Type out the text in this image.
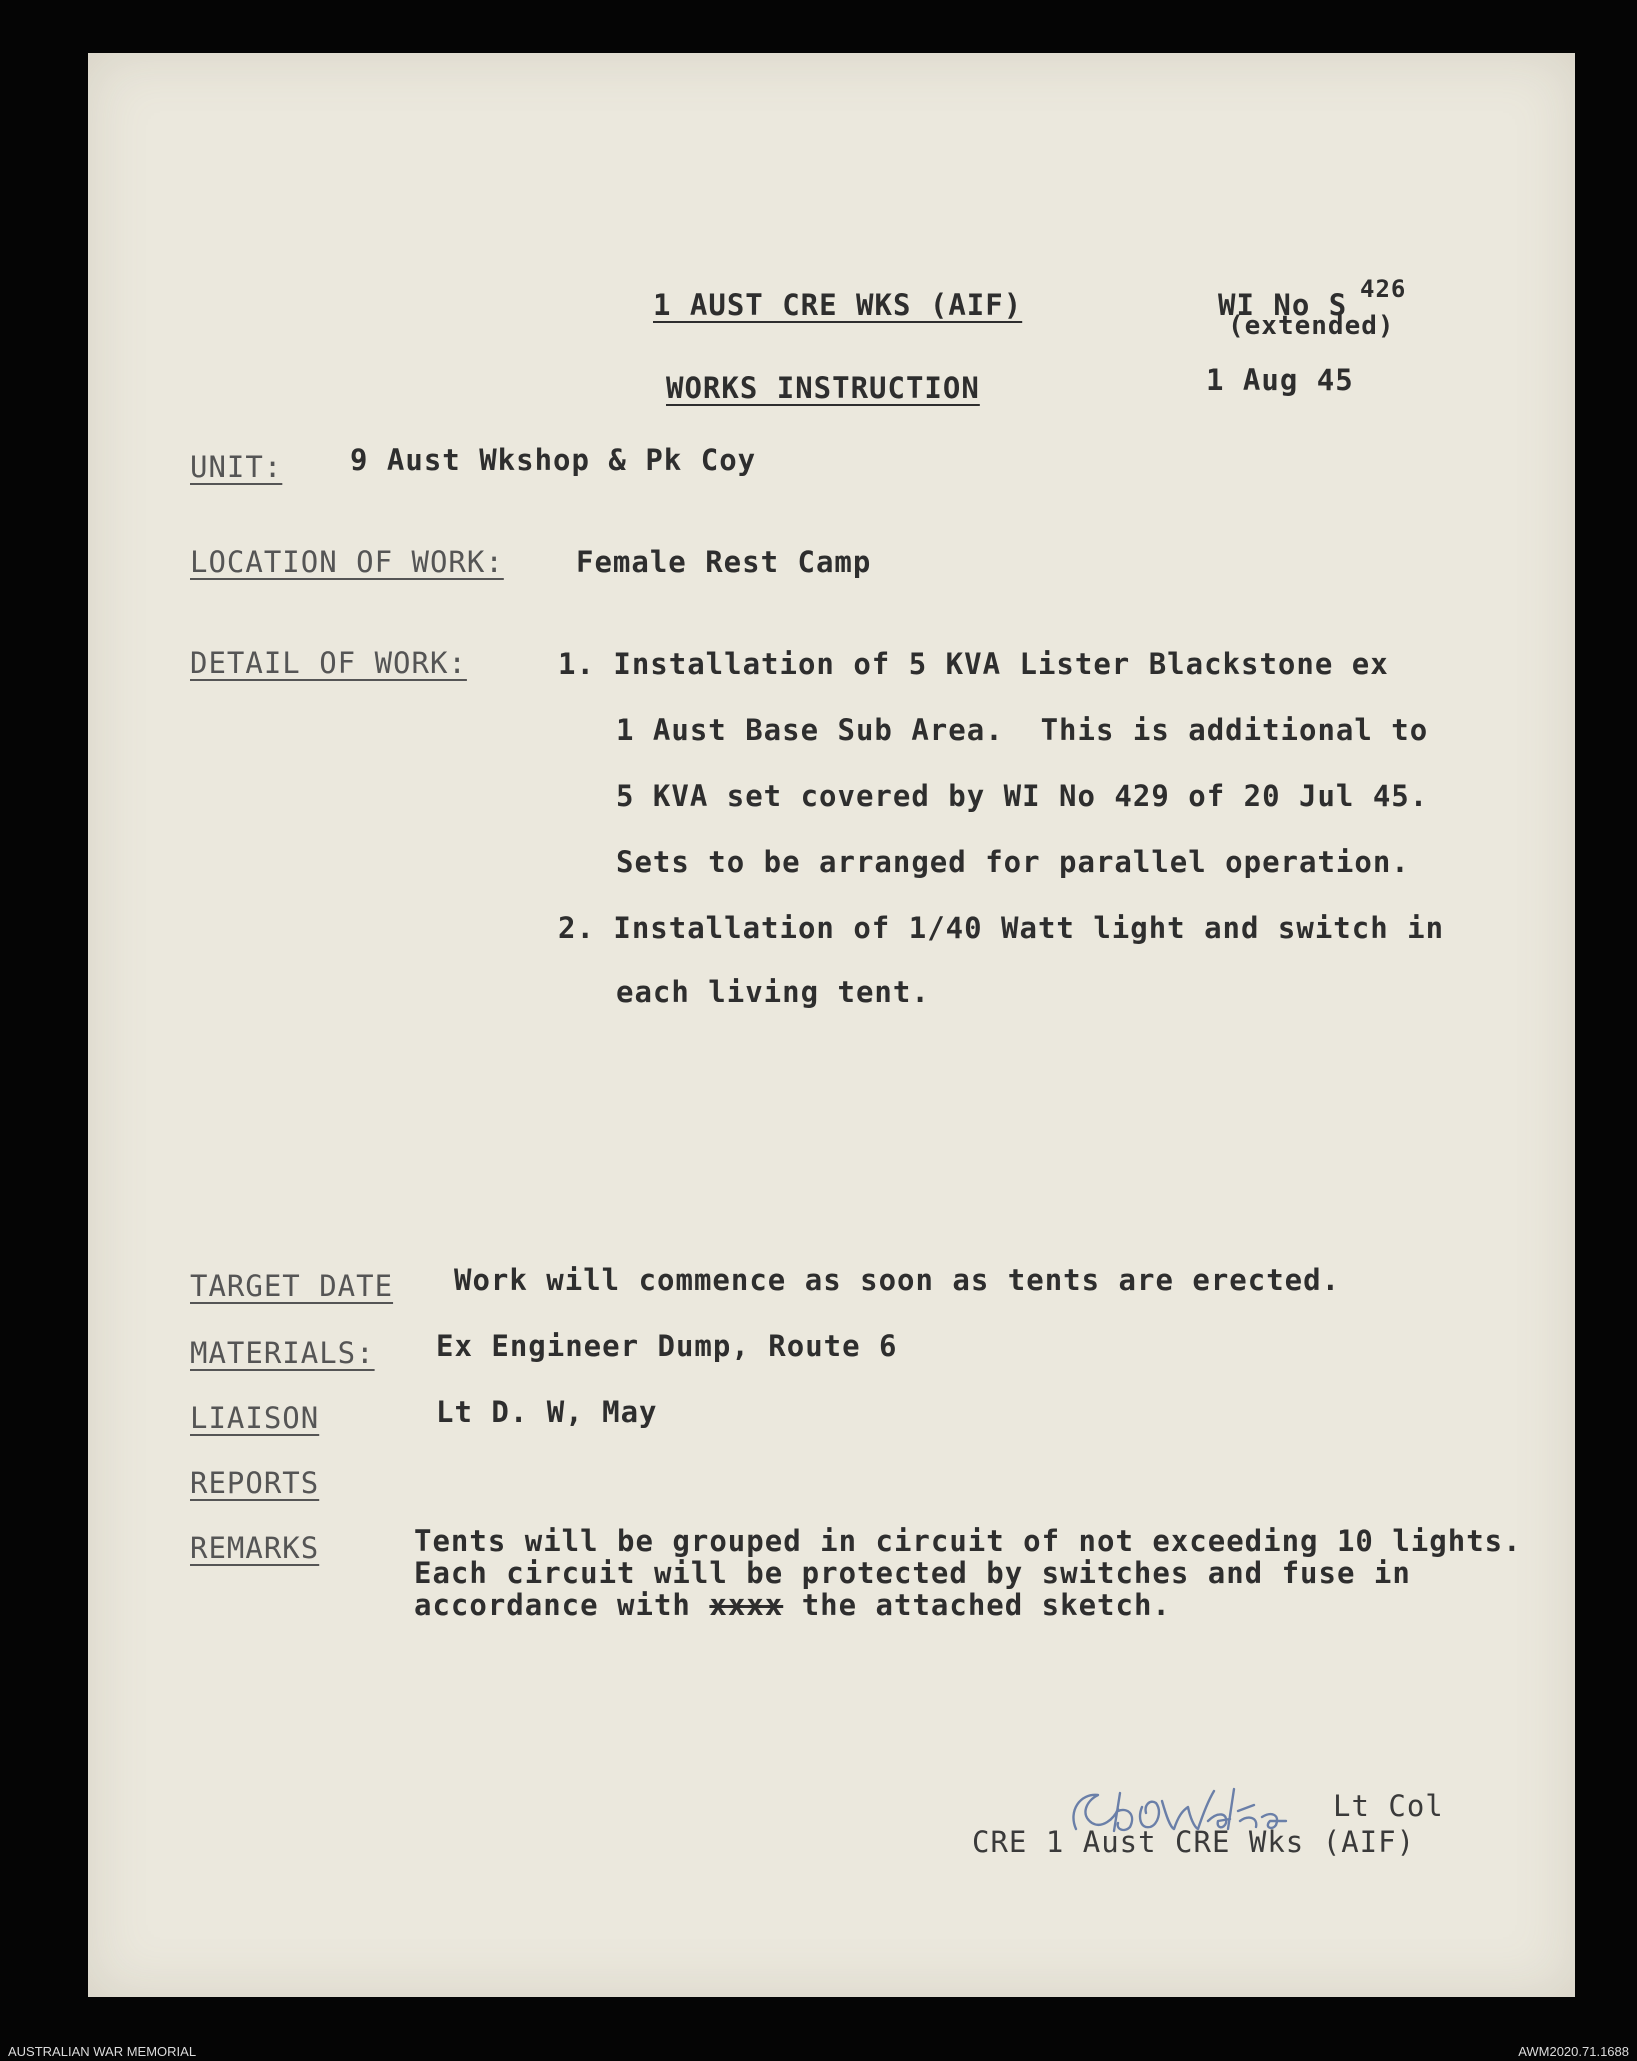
1 AUST CRE WKS (AIF)	WI No S 426
(extended)
WORKS INSTRUCTION	1 Aug 45
UNIT: 9 Aust Wkshop & Pk Coy
LOCATION OF WORK: Female Rest Camp
DETAIL OF WORK:	1. Installation of 5 KVA Lister Blackstone ex
1 Aust Base Sub Area.  This is additional to
5 KVA set covered by WI No 429 of 20 Jul 45.
Sets to be arranged for parallel operation.
2. Installation of 1/40 Watt light and switch in
each living tent.
TARGET DATE Work will commence as soon as tents are erected.
MATERIALS: Ex Engineer Dump, Route 6
LIAISON	Lt D. W, May
REPORTS
REMARKS	Tents will be grouped in circuit of not exceeding 10 lights.
Each circuit will be protected by switches and fuse in
accordance with xxxx the attached sketch.
Lt Col
CRE 1 Aust CRE Wks (AIF)
AUSTRALIAN WAR MEMORIAL	AWM2020.71.1688
